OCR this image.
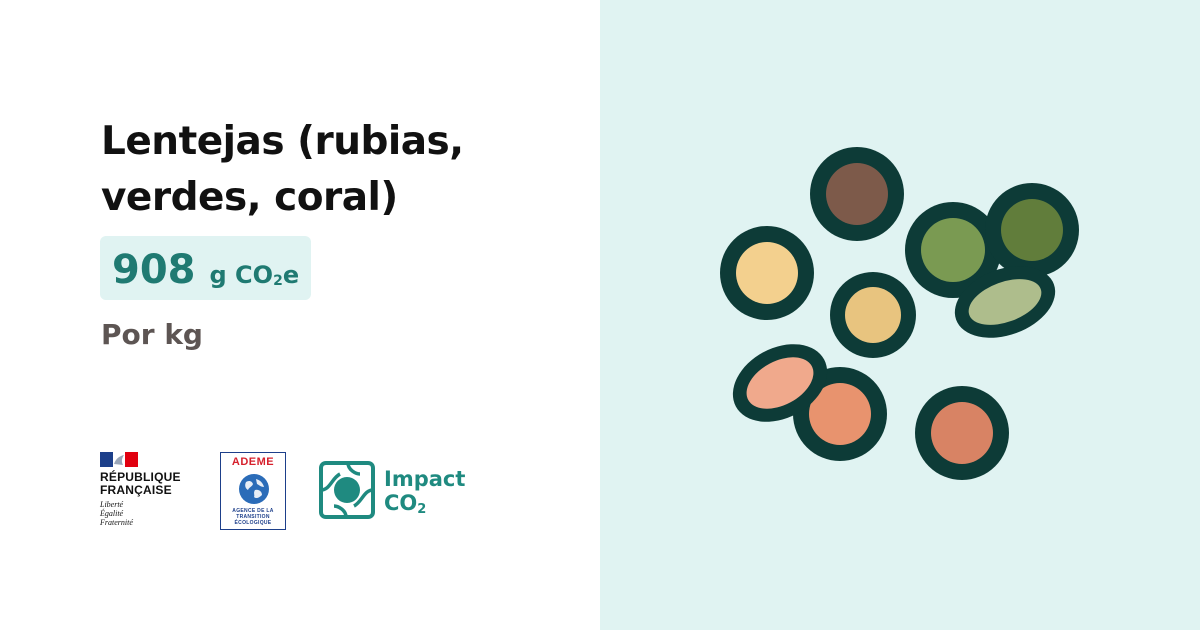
Lentejas (rubias, verdes, coral)
908 g $CO_2e$
Por kg
RÉPUBLIQUE
FRANÇAISE
Liberté
Égalité
Fraternité
ADEME
AGENCE DE LA
TRANSITION
ÉCOLOGIQUE
Impact
$CO_2$
